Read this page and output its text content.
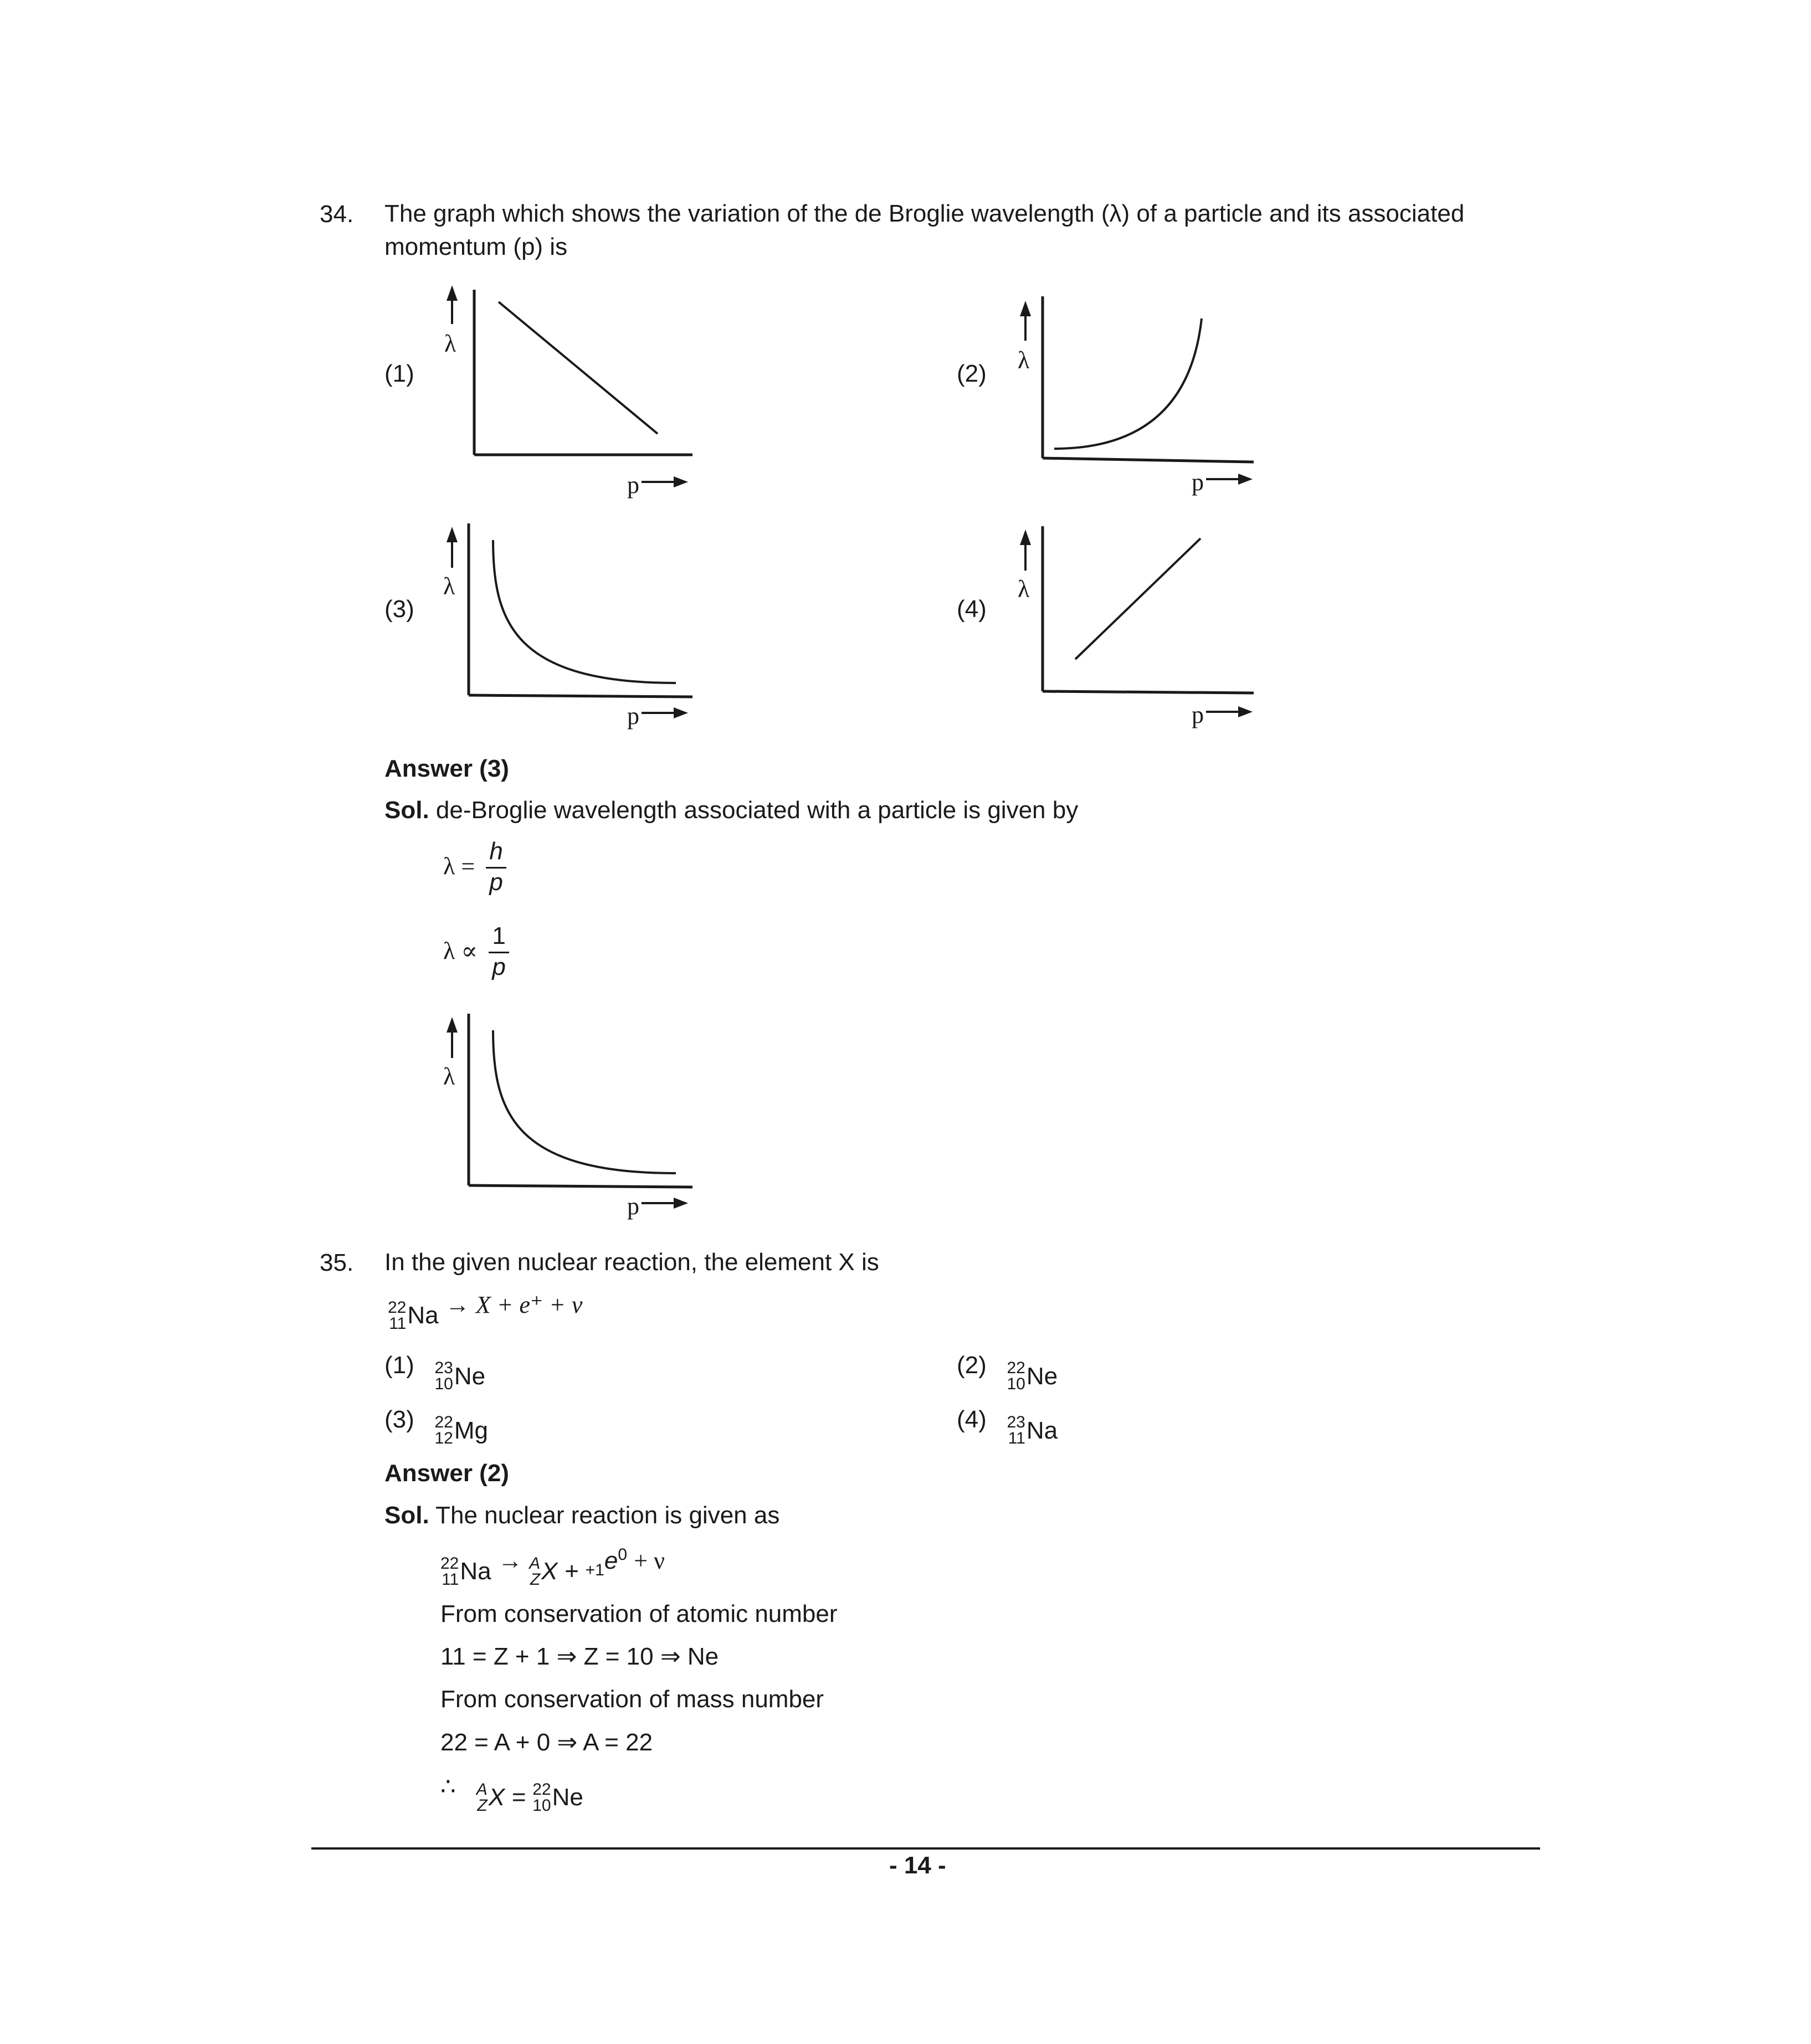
34. The graph which shows the variation of the de Broglie wavelength (λ) of a particle and its associated
momentum (p) is
(1)	(2)
(3)	(4)
λ
p
λ
p
λ
p
λ
p
Answer (3)
Sol. de-Broglie wavelength associated with a particle is given by
$\lambda = \frac{h}{p}$
$\lambda \propto \frac{1}{p}$
λ
p
35. In the given nuclear reaction, the element X is
22
11 Na → X + e⁺ + ν
(1) 23
10 Ne	(2) 22
10 Ne
(3) 22
12 Mg	(4) 23
11 Na
Answer (2)
Sol. The nuclear reaction is given as
22
11 Na → A
Z $X + _{+1}e^0 + \nu$
From conservation of atomic number
11 = Z + 1 ⇒ Z = 10 ⇒ Ne
From conservation of mass number
22 = A + 0 ⇒ A = 22
∴ A
Z X =
22
10 Ne
- 14 -
